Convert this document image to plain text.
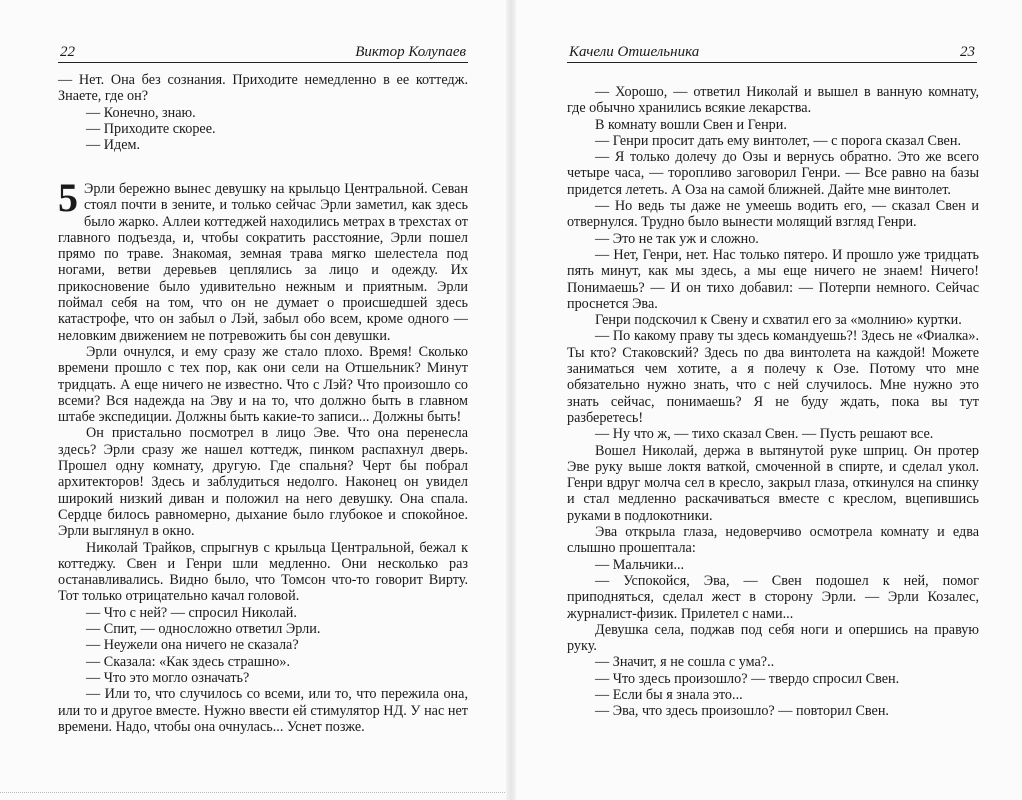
22	Виктор Колупаев

— Нет. Она без сознания. Приходите немедленно в ее коттедж. Знаете, где он?

— Конечно, знаю.

— Приходите скорее.

— Идем.

5 Эрли бережно вынес девушку на крыльцо Центральной. Севан стоял почти в зените, и только сейчас Эрли заметил, как здесь было жарко. Аллеи коттеджей находились метрах в трехстах от главного подъезда, и, чтобы сократить расстояние, Эрли пошел прямо по траве. Знакомая, земная трава мягко шелестела под ногами, ветви деревьев цеплялись за лицо и одежду. Их прикосновение было удивительно нежным и приятным. Эрли поймал себя на том, что он не думает о происшедшей здесь катастрофе, что он забыл о Лэй, забыл обо всем, кроме одного — неловким движением не потревожить бы сон девушки.

Эрли очнулся, и ему сразу же стало плохо. Время! Сколько времени прошло с тех пор, как они сели на Отшельник? Минут тридцать. А еще ничего не известно. Что с Лэй? Что произошло со всеми? Вся надежда на Эву и на то, что должно быть в главном штабе экспедиции. Должны быть какие-то записи... Должны быть!

Он пристально посмотрел в лицо Эве. Что она перенесла здесь? Эрли сразу же нашел коттедж, пинком распахнул дверь. Прошел одну комнату, другую. Где спальня? Черт бы побрал архитекторов! Здесь и заблудиться недолго. Наконец он увидел широкий низкий диван и положил на него девушку. Она спала. Сердце билось равномерно, дыхание было глубокое и спокойное. Эрли выглянул в окно.

Николай Трайков, спрыгнув с крыльца Центральной, бежал к коттеджу. Свен и Генри шли медленно. Они несколько раз останавливались. Видно было, что Томсон что-то говорит Вирту. Тот только отрицательно качал головой.

— Что с ней? — спросил Николай.

— Спит, — односложно ответил Эрли.

— Неужели она ничего не сказала?

— Сказала: «Как здесь страшно».

— Что это могло означать?

— Или то, что случилось со всеми, или то, что пережила она, или то и другое вместе. Нужно ввести ей стимулятор НД. У нас нет времени. Надо, чтобы она очнулась... Уснет позже.

Качели Отшельника	23

— Хорошо, — ответил Николай и вышел в ванную комнату, где обычно хранились всякие лекарства.

В комнату вошли Свен и Генри.

— Генри просит дать ему винтолет, — с порога сказал Свен.

— Я только долечу до Озы и вернусь обратно. Это же всего четыре часа, — торопливо заговорил Генри. — Все равно на базы придется лететь. А Оза на самой ближней. Дайте мне винтолет.

— Но ведь ты даже не умеешь водить его, — сказал Свен и отвернулся. Трудно было вынести молящий взгляд Генри.

— Это не так уж и сложно.

— Нет, Генри, нет. Нас только пятеро. И прошло уже тридцать пять минут, как мы здесь, а мы еще ничего не знаем! Ничего! Понимаешь? — И он тихо добавил: — Потерпи немного. Сейчас проснется Эва.

Генри подскочил к Свену и схватил его за «молнию» куртки.

— По какому праву ты здесь командуешь?! Здесь не «Фиалка». Ты кто? Стаковский? Здесь по два винтолета на каждой! Можете заниматься чем хотите, а я полечу к Озе. Потому что мне обязательно нужно знать, что с ней случилось. Мне нужно это знать сейчас, понимаешь? Я не буду ждать, пока вы тут разберетесь!

— Ну что ж, — тихо сказал Свен. — Пусть решают все.

Вошел Николай, держа в вытянутой руке шприц. Он протер Эве руку выше локтя ваткой, смоченной в спирте, и сделал укол. Генри вдруг молча сел в кресло, закрыл глаза, откинулся на спинку и стал медленно раскачиваться вместе с креслом, вцепившись руками в подлокотники.

Эва открыла глаза, недоверчиво осмотрела комнату и едва слышно прошептала:

— Мальчики...

— Успокойся, Эва, — Свен подошел к ней, помог приподняться, сделал жест в сторону Эрли. — Эрли Козалес, журналист-физик. Прилетел с нами...

Девушка села, поджав под себя ноги и опершись на правую руку.

— Значит, я не сошла с ума?..

— Что здесь произошло? — твердо спросил Свен.

— Если бы я знала это...

— Эва, что здесь произошло? — повторил Свен.
